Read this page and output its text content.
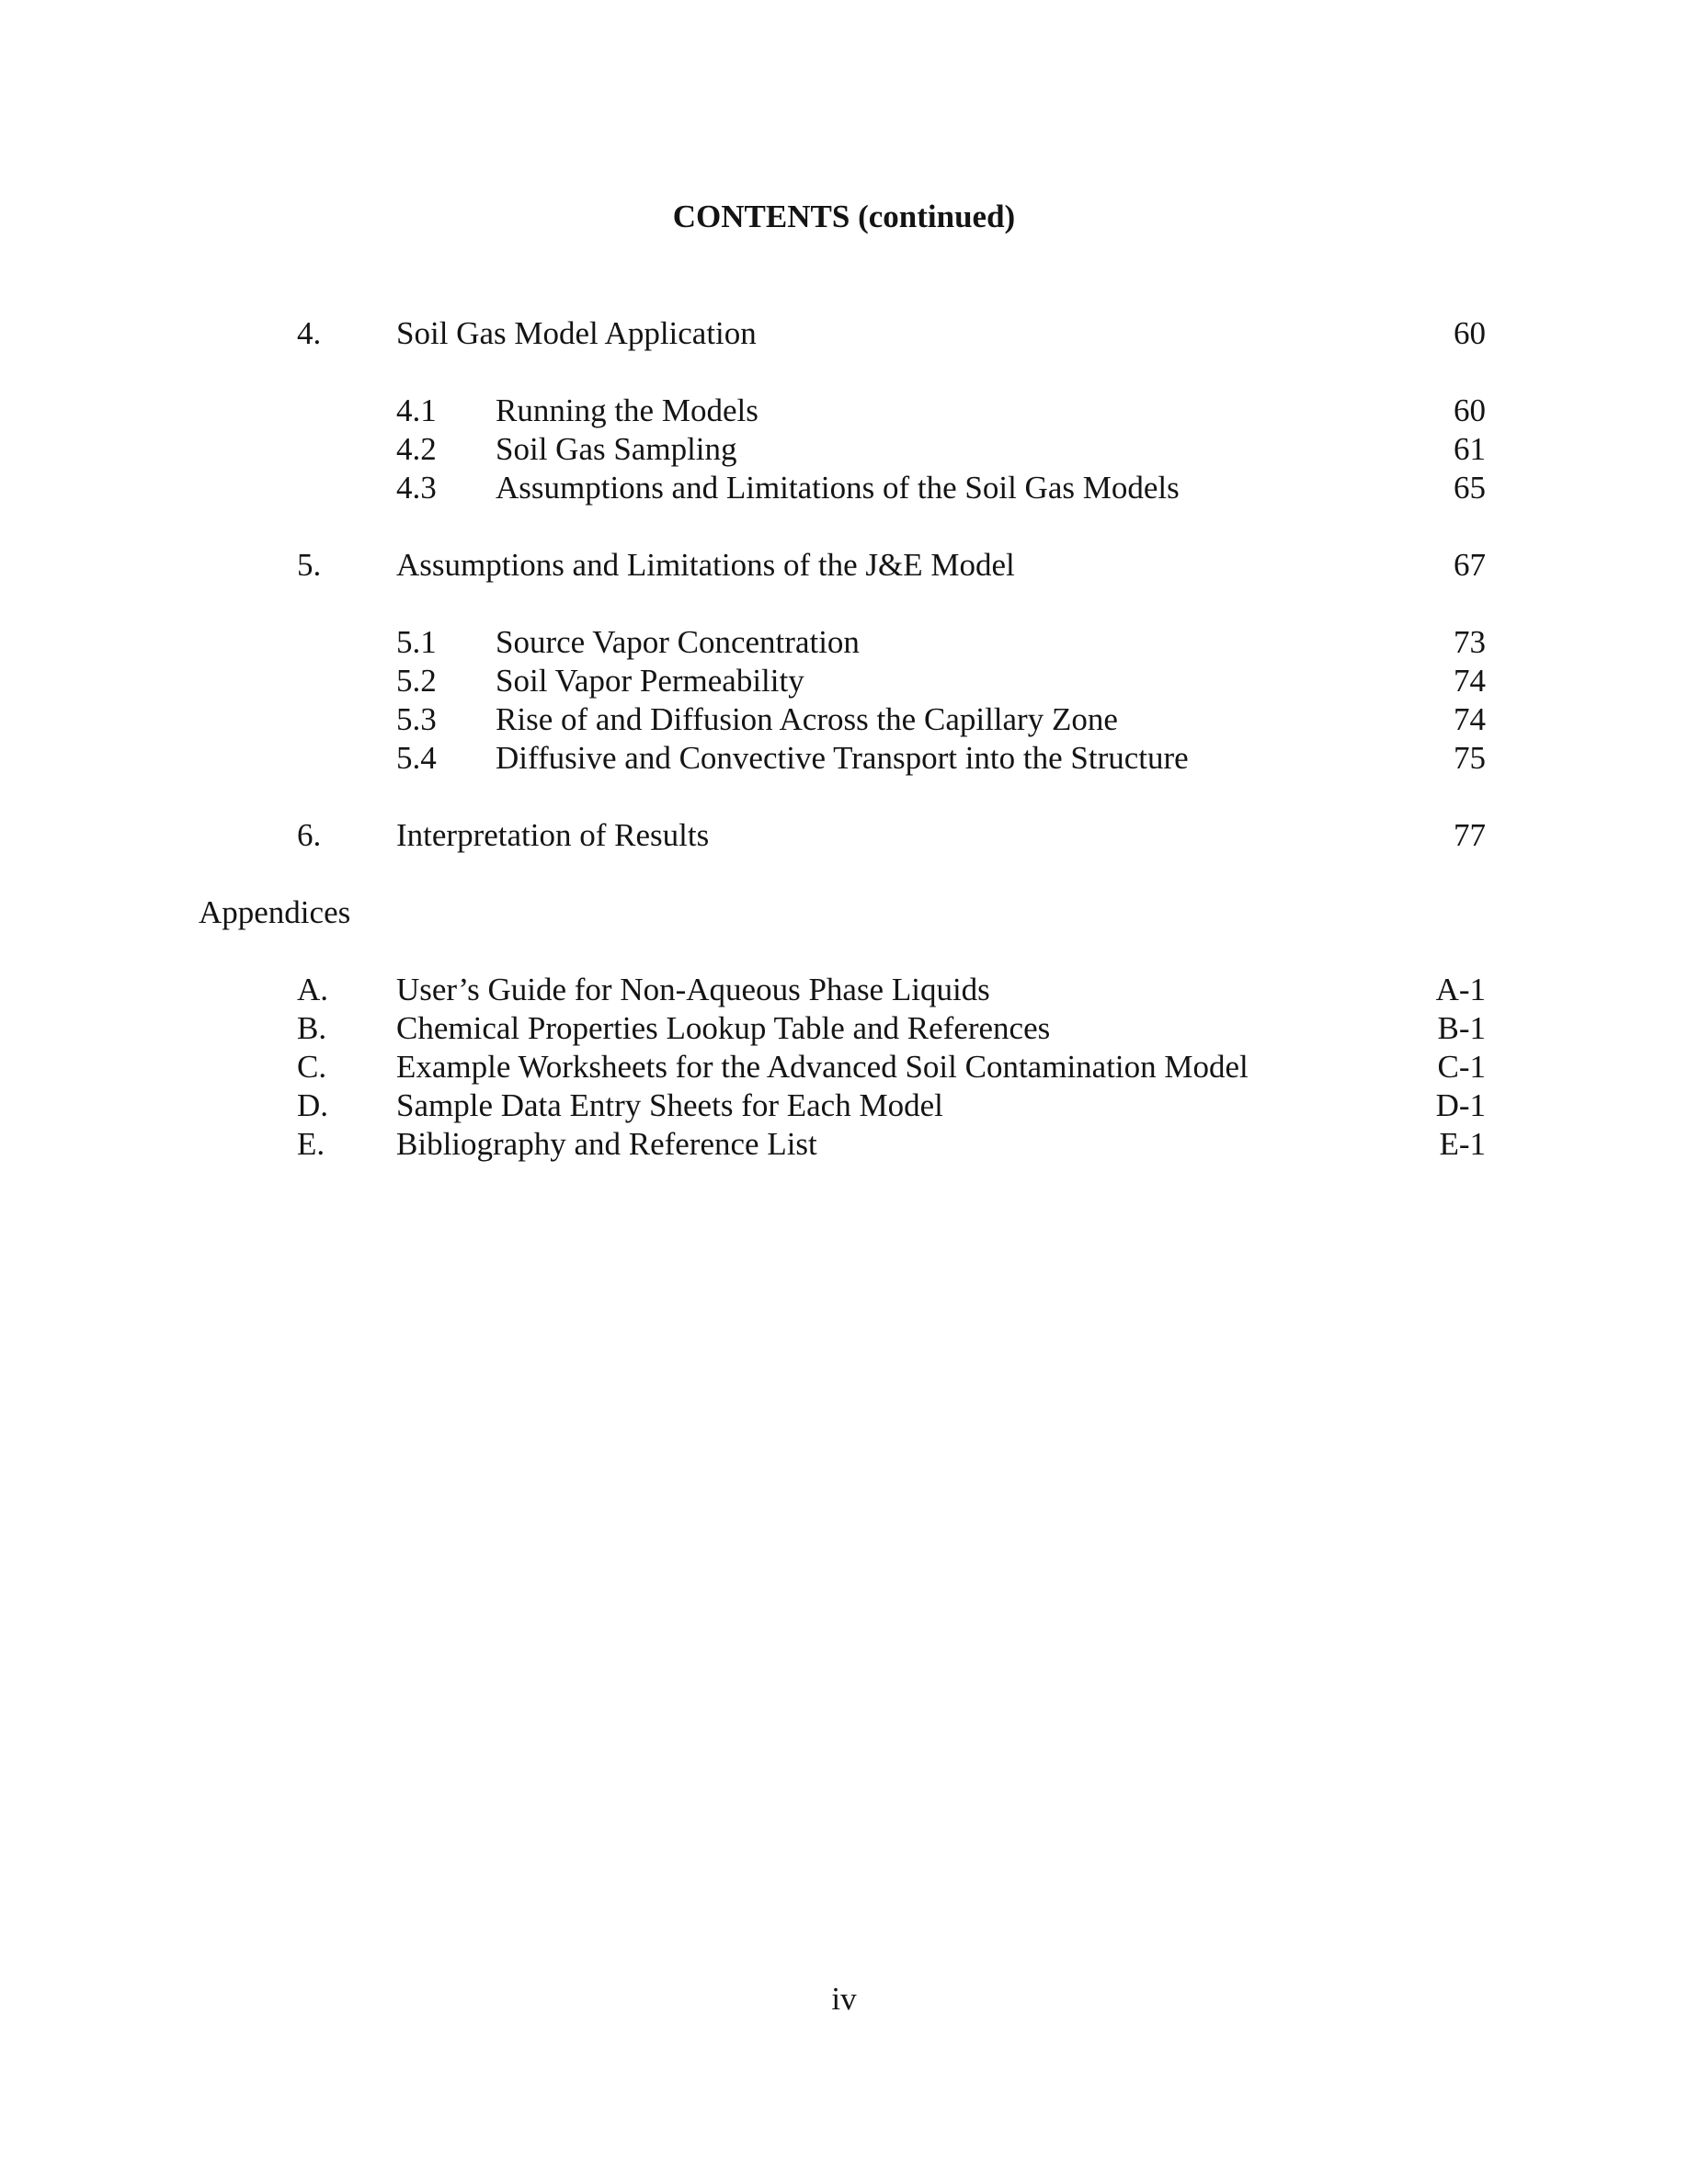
CONTENTS (continued)
4. Soil Gas Model Application	60
4.1 Running the Models	60
4.2 Soil Gas Sampling	61
4.3 Assumptions and Limitations of the Soil Gas Models	65
5. Assumptions and Limitations of the J&E Model	67
5.1 Source Vapor Concentration	73
5.2 Soil Vapor Permeability	74
5.3 Rise of and Diffusion Across the Capillary Zone	74
5.4 Diffusive and Convective Transport into the Structure	75
6. Interpretation of Results	77
Appendices
A. User’s Guide for Non-Aqueous Phase Liquids	A-1
B. Chemical Properties Lookup Table and References	B-1
C. Example Worksheets for the Advanced Soil Contamination Model	C-1
D. Sample Data Entry Sheets for Each Model	D-1
E. Bibliography and Reference List	E-1
iv
